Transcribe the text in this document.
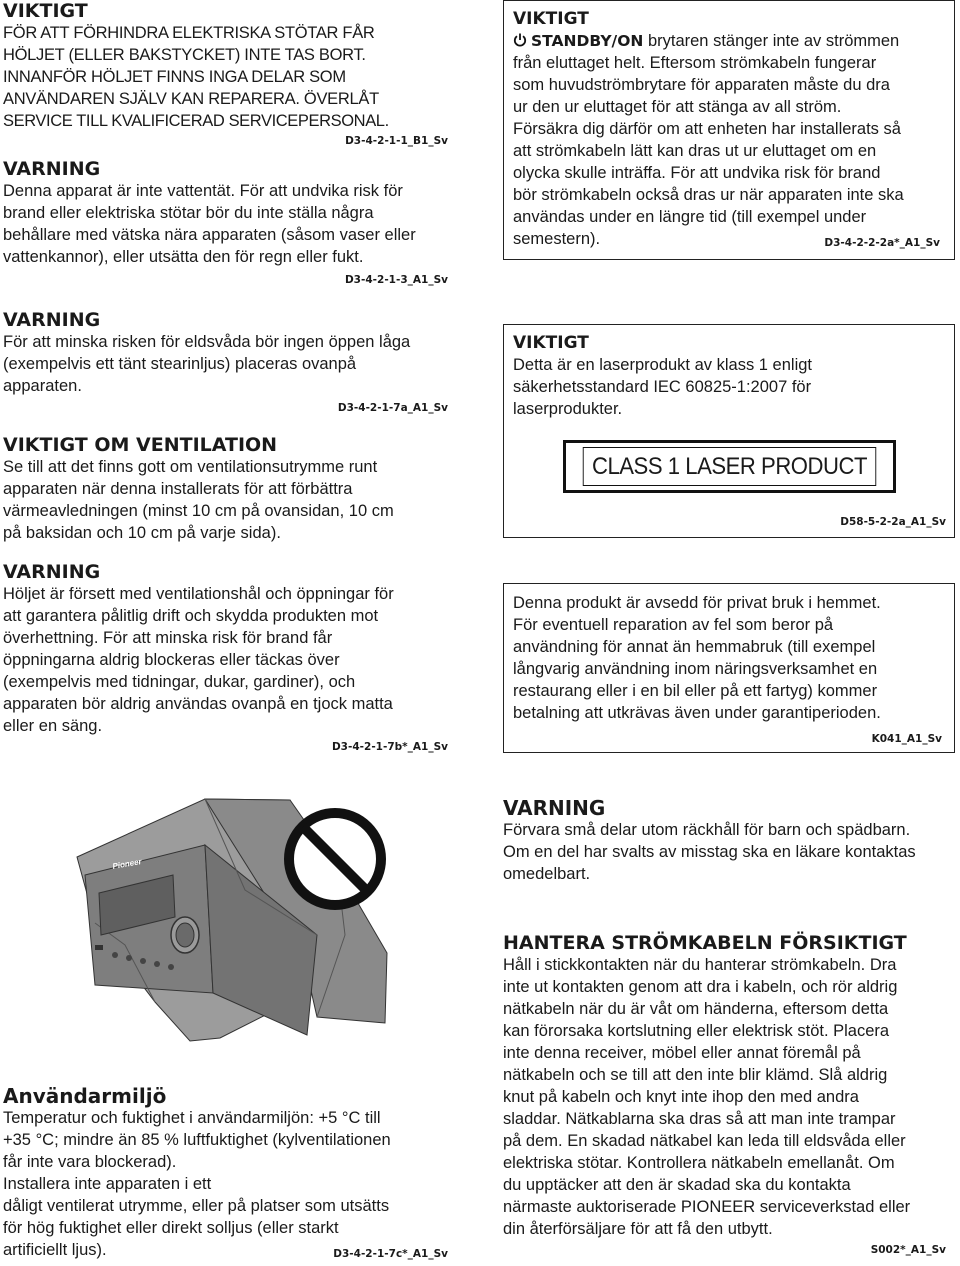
VIKTIGT
FÖR ATT FÖRHINDRA ELEKTRISKA STÖTAR FÅR
HÖLJET (ELLER BAKSTYCKET) INTE TAS BORT.
INNANFÖR HÖLJET FINNS INGA DELAR SOM
ANVÄNDAREN SJÄLV KAN REPARERA. ÖVERLÅT
SERVICE TILL KVALIFICERAD SERVICEPERSONAL.
D3-4-2-1-1_B1_Sv
VARNING
Denna apparat är inte vattentät. För att undvika risk för
brand eller elektriska stötar bör du inte ställa några
behållare med vätska nära apparaten (såsom vaser eller
vattenkannor), eller utsätta den för regn eller fukt.
D3-4-2-1-3_A1_Sv
VARNING
För att minska risken för eldsvåda bör ingen öppen låga
(exempelvis ett tänt stearinljus) placeras ovanpå
apparaten.
D3-4-2-1-7a_A1_Sv
VIKTIGT OM VENTILATION
Se till att det finns gott om ventilationsutrymme runt
apparaten när denna installerats för att förbättra
värmeavledningen (minst 10 cm på ovansidan, 10 cm
på baksidan och 10 cm på varje sida).
VARNING
Höljet är försett med ventilationshål och öppningar för
att garantera pålitlig drift och skydda produkten mot
överhettning. För att minska risk för brand får
öppningarna aldrig blockeras eller täckas över
(exempelvis med tidningar, dukar, gardiner), och
apparaten bör aldrig användas ovanpå en tjock matta
eller en säng.
D3-4-2-1-7b*_A1_Sv
Pioneer
Användarmiljö
Temperatur och fuktighet i användarmiljön: +5 °C till
+35 °C; mindre än 85 % luftfuktighet (kylventilationen
får inte vara blockerad).
Installera inte apparaten i ett
dåligt ventilerat utrymme, eller på platser som utsätts
för hög fuktighet eller direkt solljus (eller starkt
artificiellt ljus).	D3-4-2-1-7c*_A1_Sv
VIKTIGT
STANDBY/ON brytaren stänger inte av strömmen
från eluttaget helt. Eftersom strömkabeln fungerar
som huvudströmbrytare för apparaten måste du dra
ur den ur eluttaget för att stänga av all ström.
Försäkra dig därför om att enheten har installerats så
att strömkabeln lätt kan dras ut ur eluttaget om en
olycka skulle inträffa. För att undvika risk för brand
bör strömkabeln också dras ur när apparaten inte ska
användas under en längre tid (till exempel under
semestern).	D3-4-2-2-2a*_A1_Sv
VIKTIGT
Detta är en laserprodukt av klass 1 enligt
säkerhetsstandard IEC 60825-1:2007 för
laserprodukter.
CLASS 1 LASER PRODUCT
D58-5-2-2a_A1_Sv
Denna produkt är avsedd för privat bruk i hemmet.
För eventuell reparation av fel som beror på
användning för annat än hemmabruk (till exempel
långvarig användning inom näringsverksamhet en
restaurang eller i en bil eller på ett fartyg) kommer
betalning att utkrävas även under garantiperioden.
K041_A1_Sv
VARNING
Förvara små delar utom räckhåll för barn och spädbarn.
Om en del har svalts av misstag ska en läkare kontaktas
omedelbart.
HANTERA STRÖMKABELN FÖRSIKTIGT
Håll i stickkontakten när du hanterar strömkabeln. Dra
inte ut kontakten genom att dra i kabeln, och rör aldrig
nätkabeln när du är våt om händerna, eftersom detta
kan förorsaka kortslutning eller elektrisk stöt. Placera
inte denna receiver, möbel eller annat föremål på
nätkabeln och se till att den inte blir klämd. Slå aldrig
knut på kabeln och knyt inte ihop den med andra
sladdar. Nätkablarna ska dras så att man inte trampar
på dem. En skadad nätkabel kan leda till eldsvåda eller
elektriska stötar. Kontrollera nätkabeln emellanåt. Om
du upptäcker att den är skadad ska du kontakta
närmaste auktoriserade PIONEER serviceverkstad eller
din återförsäljare för att få den utbytt.
S002*_A1_Sv
